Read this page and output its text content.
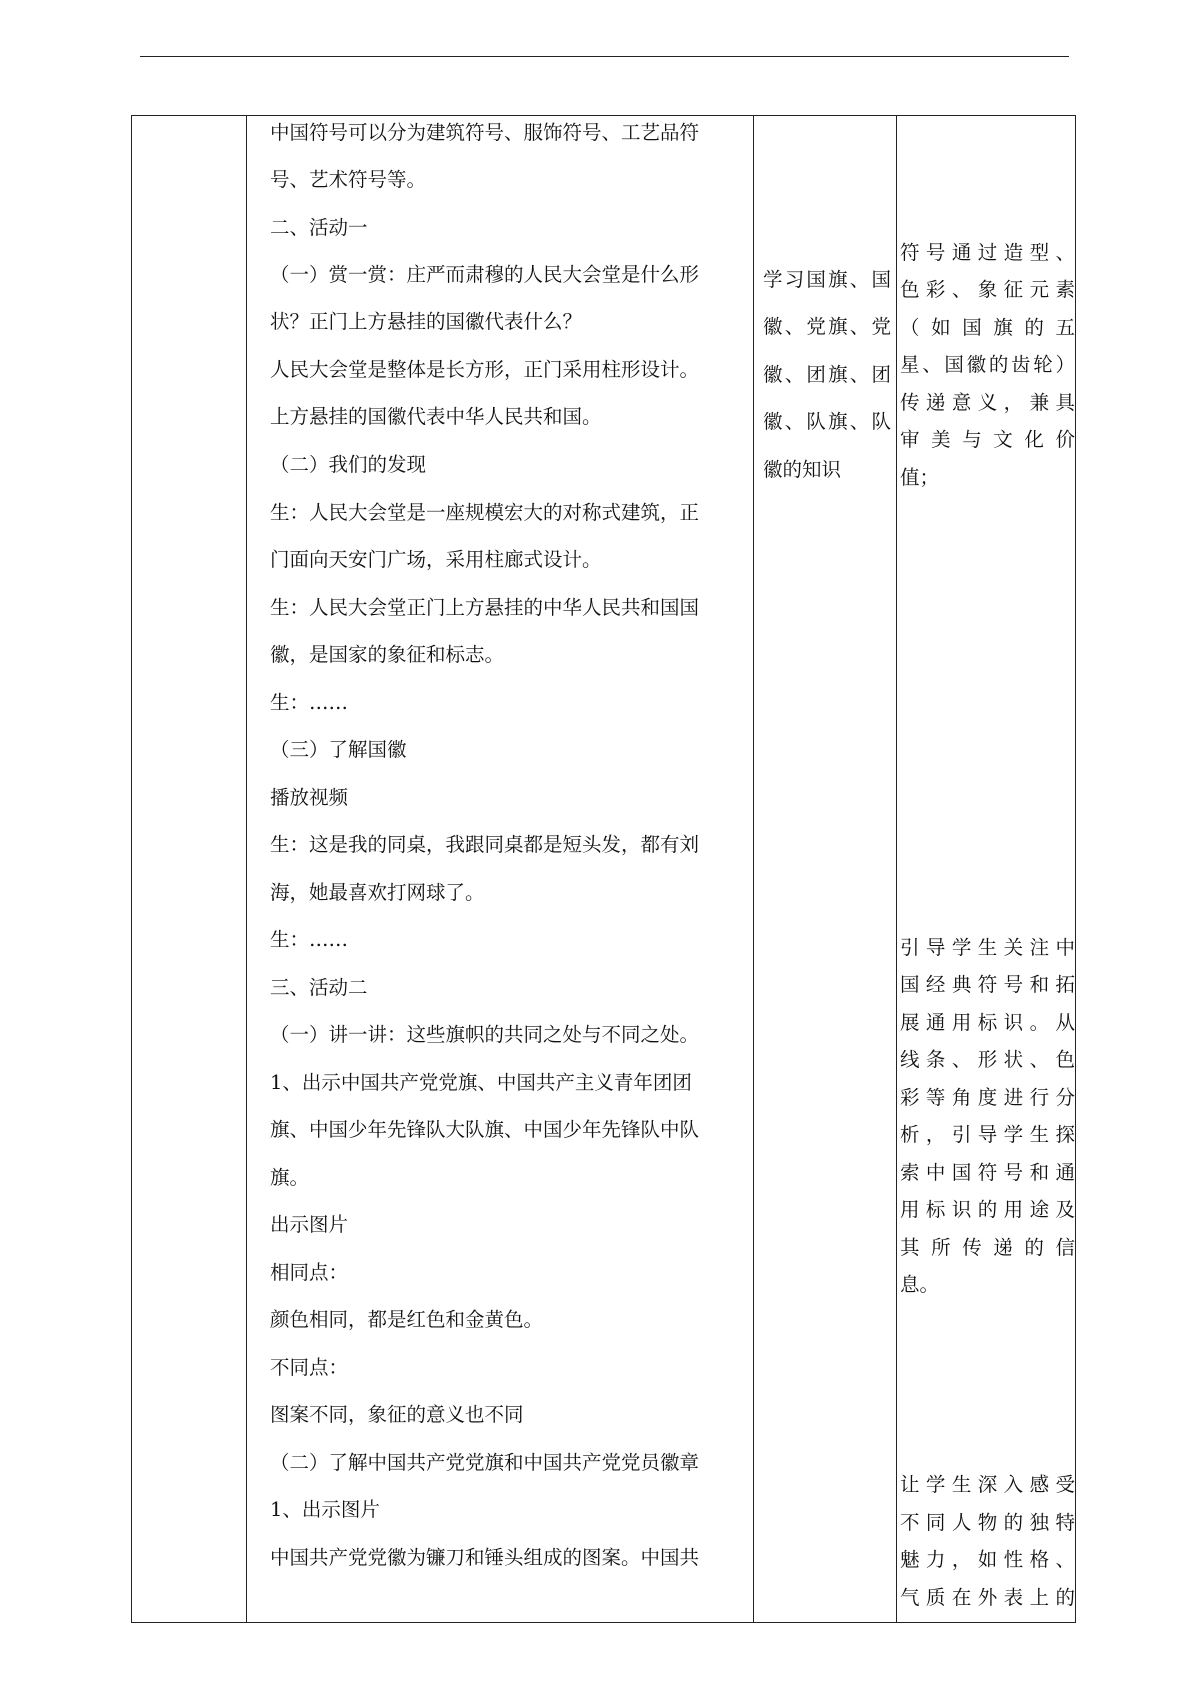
中国符号可以分为建筑符号、服饰符号、工艺品符
号、艺术符号等。
二、活动一
（一）赏一赏：庄严而肃穆的人民大会堂是什么形
状？正门上方悬挂的国徽代表什么？
人民大会堂是整体是长方形，正门采用柱形设计。
上方悬挂的国徽代表中华人民共和国。
（二）我们的发现
生：人民大会堂是一座规模宏大的对称式建筑，正
门面向天安门广场，采用柱廊式设计。
生：人民大会堂正门上方悬挂的中华人民共和国国
徽，是国家的象征和标志。
生：……
（三）了解国徽
播放视频
生：这是我的同桌，我跟同桌都是短头发，都有刘
海，她最喜欢打网球了。
生：……
三、活动二
（一）讲一讲：这些旗帜的共同之处与不同之处。
1、出示中国共产党党旗、中国共产主义青年团团
旗、中国少年先锋队大队旗、中国少年先锋队中队
旗。
出示图片
相同点：
颜色相同，都是红色和金黄色。
不同点：
图案不同，象征的意义也不同
（二）了解中国共产党党旗和中国共产党党员徽章
1、出示图片
中国共产党党徽为镰刀和锤头组成的图案。中国共
学习国旗、国
徽、党旗、党
徽、团旗、团
徽、队旗、队
徽的知识
符号通过造型、
色彩、象征元素
（如国旗的五
星、国徽的齿轮）
传递意义，兼具
审美与文化价
值；
引导学生关注中
国经典符号和拓
展通用标识。从
线条、形状、色
彩等角度进行分
析，引导学生探
索中国符号和通
用标识的用途及
其所传递的信
息。
让学生深入感受
不同人物的独特
魅力，如性格、
气质在外表上的
